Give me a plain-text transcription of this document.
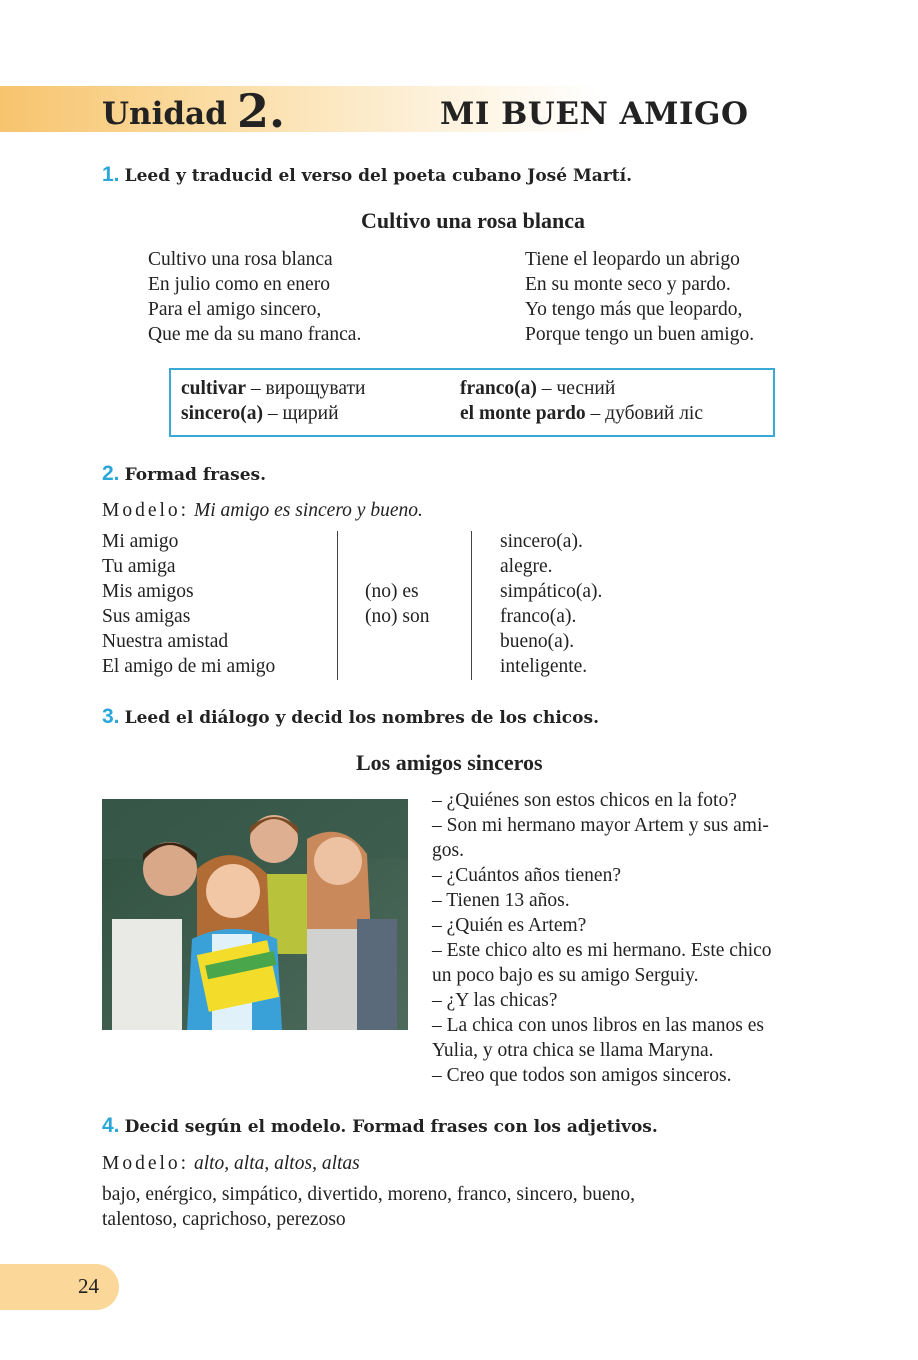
Unidad 2.	MI BUEN AMIGO
1. Leed y traducid el verso del poeta cubano José Martí.
Cultivo una rosa blanca
Cultivo una rosa blanca
En julio como en enero
Para el amigo sincero,
Que me da su mano franca.
Tiene el leopardo un abrigo
En su monte seco y pardo.
Yo tengo más que leopardo,
Porque tengo un buen amigo.
cultivar – вирощувати
sincero(a) – щирий
franco(a) – чесний
el monte pardo – дубовий ліс
2. Formad frases.
Modelo: Mi amigo es sincero y bueno.
Mi amigo
Tu amiga
Mis amigos
Sus amigas
Nuestra amistad
El amigo de mi amigo
(no) es
(no) son
sincero(a).
alegre.
simpático(a).
franco(a).
bueno(a).
inteligente.
3. Leed el diálogo y decid los nombres de los chicos.
Los amigos sinceros
– ¿Quiénes son estos chicos en la foto?
– Son mi hermano mayor Artem y sus ami-
gos.
– ¿Cuántos años tienen?
– Tienen 13 años.
– ¿Quién es Artem?
– Este chico alto es mi hermano. Este chico
un poco bajo es su amigo Serguiy.
– ¿Y las chicas?
– La chica con unos libros en las manos es
Yulia, y otra chica se llama Maryna.
– Creo que todos son amigos sinceros.
4. Decid según el modelo. Formad frases con los adjetivos.
Modelo: alto, alta, altos, altas
bajo, enérgico, simpático, divertido, moreno, franco, sincero, bueno,
talentoso, caprichoso, perezoso
24
